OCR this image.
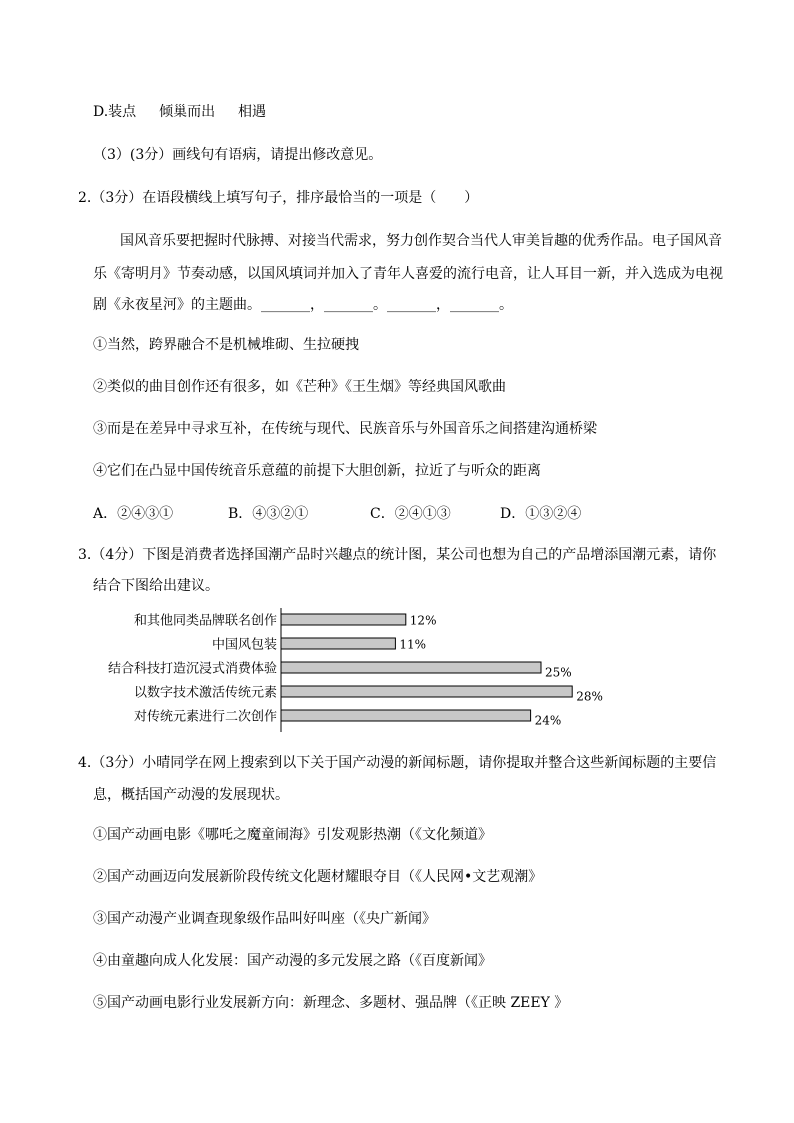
D.装点 　 倾巢而出 　 相遇
（3）(3分）画线句有语病，请提出修改意见。
2.（3分）在语段横线上填写句子，排序最恰当的一项是（　　）
国风音乐要把握时代脉搏、对接当代需求，努力创作契合当代人审美旨趣的优秀作品。电子国风音
乐《寄明月》节奏动感，以国风填词并加入了青年人喜爱的流行电音，让人耳目一新，并入选成为电视
剧《永夜星河》的主题曲。_______，_______。_______，_______。
①当然，跨界融合不是机械堆砌、生拉硬拽
②类似的曲目创作还有很多，如《芒种》《王生烟》等经典国风歌曲
③而是在差异中寻求互补，在传统与现代、民族音乐与外国音乐之间搭建沟通桥梁
④它们在凸显中国传统音乐意蕴的前提下大胆创新，拉近了与听众的距离
A．②④③①	B．④③②①	C．②④①③	D．①③②④
3.（4分）下图是消费者选择国潮产品时兴趣点的统计图，某公司也想为自己的产品增添国潮元素，请你
结合下图给出建议。
和其他同类品牌联名创作	12%
中国风包装	11%
结合科技打造沉浸式消费体验	25%
以数字技术激活传统元素	28%
对传统元素进行二次创作	24%
4.（3分）小晴同学在网上搜索到以下关于国产动漫的新闻标题，请你提取并整合这些新闻标题的主要信
息，概括国产动漫的发展现状。
①国产动画电影《哪吒之魔童闹海》引发观影热潮（《文化频道》
②国产动画迈向发展新阶段传统文化题材耀眼夺目（《人民网•文艺观潮》
③国产动漫产业调查现象级作品叫好叫座（《央广新闻》
④由童趣向成人化发展：国产动漫的多元发展之路（《百度新闻》
⑤国产动画电影行业发展新方向：新理念、多题材、强品牌（《正映 ZEEY 》
